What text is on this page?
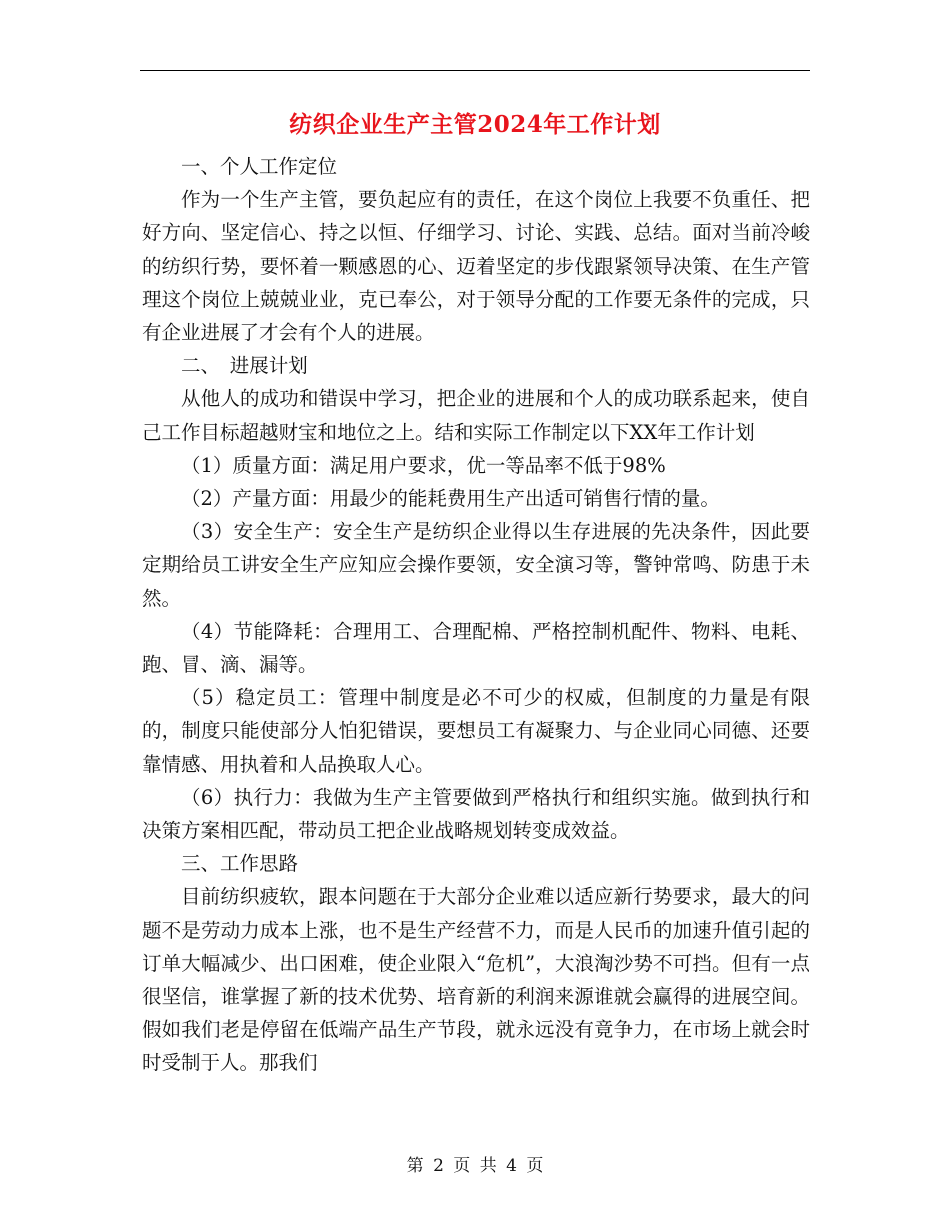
纺织企业生产主管2024年工作计划

一、个人工作定位

作为一个生产主管，要负起应有的责任，在这个岗位上我要不负重任、把好方向、坚定信心、持之以恒、仔细学习、讨论、实践、总结。面对当前冷峻的纺织行势，要怀着一颗感恩的心、迈着坚定的步伐跟紧领导决策、在生产管理这个岗位上兢兢业业，克已奉公，对于领导分配的工作要无条件的完成，只有企业进展了才会有个人的进展。

二、　进展计划

从他人的成功和错误中学习，把企业的进展和个人的成功联系起来，使自己工作目标超越财宝和地位之上。结和实际工作制定以下XX年工作计划

（1）质量方面：满足用户要求，优一等品率不低于98%

（2）产量方面：用最少的能耗费用生产出适可销售行情的量。

（3）安全生产：安全生产是纺织企业得以生存进展的先决条件，因此要定期给员工讲安全生产应知应会操作要领，安全演习等，警钟常鸣、防患于未然。

（4）节能降耗：合理用工、合理配棉、严格控制机配件、物料、电耗、跑、冒、滴、漏等。

（5）稳定员工：管理中制度是必不可少的权威，但制度的力量是有限的，制度只能使部分人怕犯错误，要想员工有凝聚力、与企业同心同德、还要靠情感、用执着和人品换取人心。

（6）执行力：我做为生产主管要做到严格执行和组织实施。做到执行和决策方案相匹配，带动员工把企业战略规划转变成效益。

三、工作思路

目前纺织疲软，跟本问题在于大部分企业难以适应新行势要求，最大的问题不是劳动力成本上涨，也不是生产经营不力，而是人民币的加速升值引起的订单大幅减少、出口困难，使企业限入“危机”，大浪淘沙势不可挡。但有一点很坚信，谁掌握了新的技术优势、培育新的利润来源谁就会赢得的进展空间。假如我们老是停留在低端产品生产节段，就永远没有竟争力，在市场上就会时时受制于人。那我们

第 2 页 共 4 页
